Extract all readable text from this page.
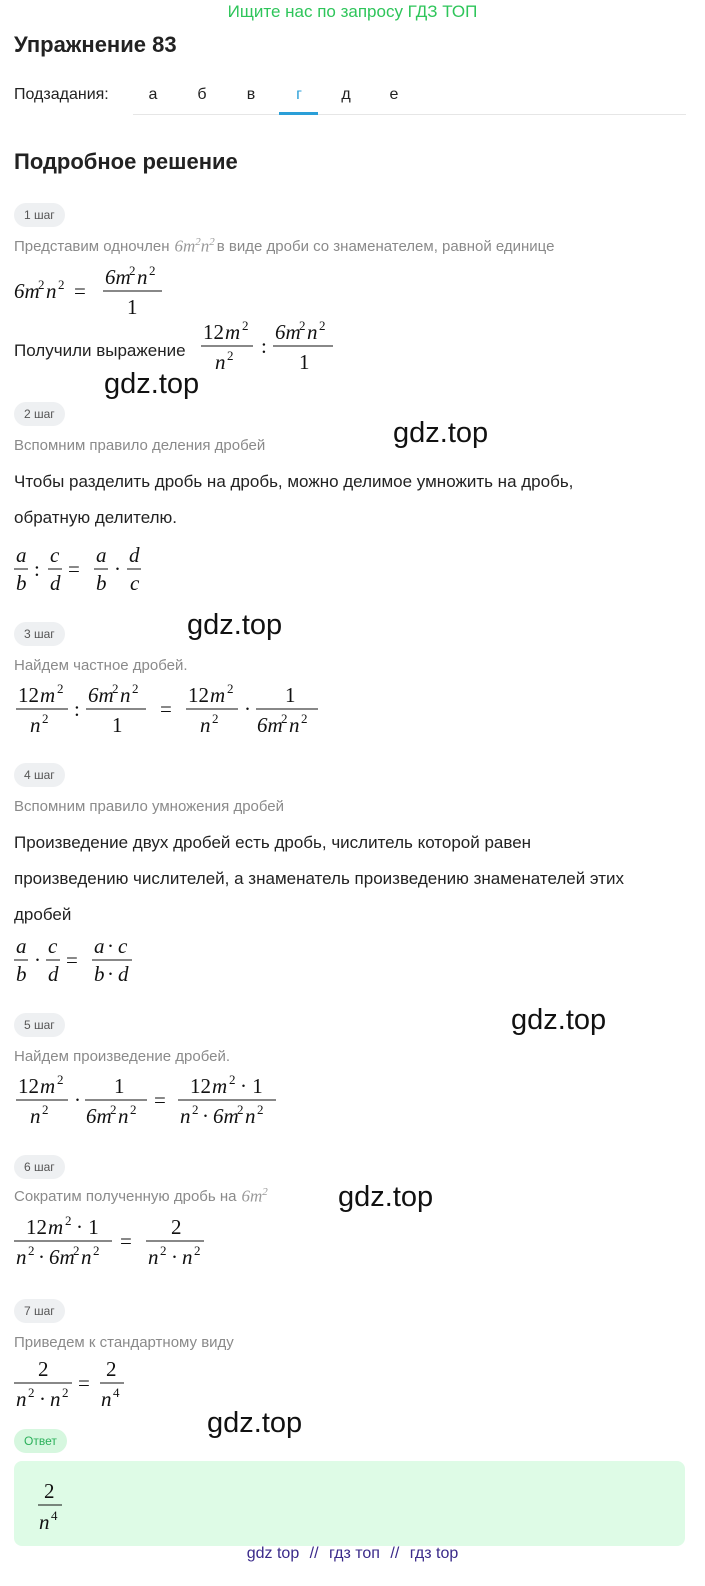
Ищите нас по запросу ГДЗ ТОП
Упражнение 83
Подзадания:	а	б	в	г	д	е
Подробное решение
1 шаг
Представим одночлен $6m^2n^2$ в виде дроби со знаменателем, равной единице
6m
2 n 2 =
6m
2 n 2
1
Получили выражение
12 m 2
n 2 :
6m
2 n 2
1
gdz.top
2 шаг
gdz.top
Вспомним правило деления дробей
Чтобы разделить дробь на дробь, можно делимое умножить на дробь,
обратную делителю.
a
b
:
c
d
=
a
b
·
d
c
3 шаг	gdz.top
Найдем частное дробей.
12 m 2
n 2 :
6m
2 n 2
1
=
12 m 2
n 2 ·
1
6m
2 n 2
4 шаг
Вспомним правило умножения дробей
Произведение двух дробей есть дробь, числитель которой равен
произведению числителей, а знаменатель произведению знаменателей этих
дробей
a
b
·
c
d
=
a · c
b · d
5 шаг	gdz.top
Найдем произведение дробей.
12 m 2
n 2 ·
1
6m
2 n 2 =
12 m 2 · 1
n 2 · 6m
2 n 2
6 шаг
Сократим полученную дробь на $6m^2$ gdz.top
12 m 2 · 1
n 2 · 6m
2 n 2 =
2
n 2 · n 2
7 шаг
Приведем к стандартному виду
2
n 2 · n 2 =
2
n 4
gdz.top
Ответ
2
n 4
gdz top // гдз топ // гдз top
